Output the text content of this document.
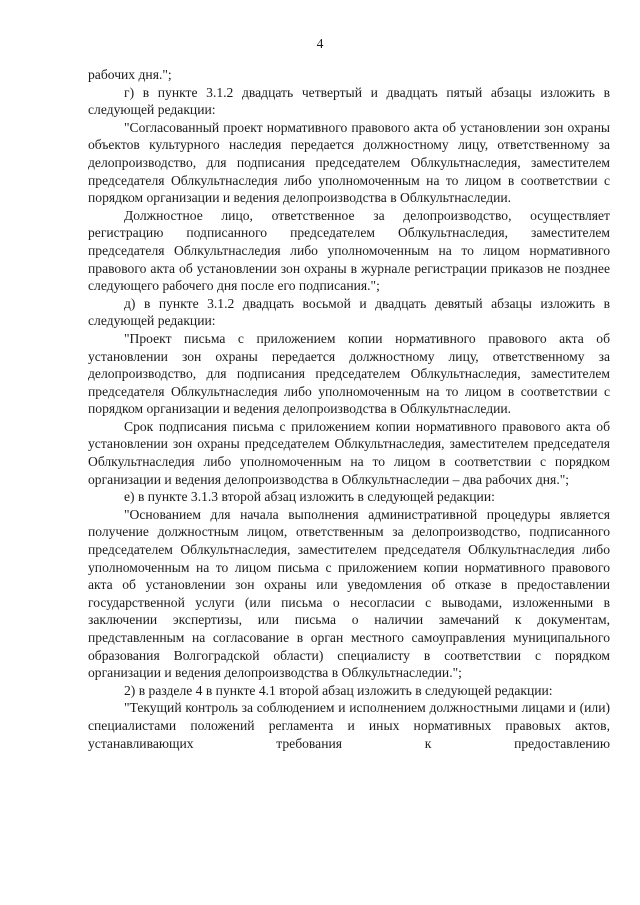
4

рабочих дня.";

г) в пункте 3.1.2 двадцать четвертый и двадцать пятый абзацы изложить в следующей редакции:

"Согласованный проект нормативного правового акта об установлении зон охраны объектов культурного наследия передается должностному лицу, ответственному за делопроизводство, для подписания председателем Облкультнаследия, заместителем председателя Облкультнаследия либо уполномоченным на то лицом в соответствии с порядком организации и ведения делопроизводства в Облкультнаследии.

Должностное лицо, ответственное за делопроизводство, осуществляет регистрацию подписанного председателем Облкультнаследия, заместителем председателя Облкультнаследия либо уполномоченным на то лицом нормативного правового акта об установлении зон охраны в журнале регистрации приказов не позднее следующего рабочего дня после его подписания.";

д) в пункте 3.1.2 двадцать восьмой и двадцать девятый абзацы изложить в следующей редакции:

"Проект письма с приложением копии нормативного правового акта об установлении зон охраны передается должностному лицу, ответственному за делопроизводство, для подписания председателем Облкультнаследия, заместителем председателя Облкультнаследия либо уполномоченным на то лицом в соответствии с порядком организации и ведения делопроизводства в Облкультнаследии.

Срок подписания письма с приложением копии нормативного правового акта об установлении зон охраны председателем Облкультнаследия, заместителем председателя Облкультнаследия либо уполномоченным на то лицом в соответствии с порядком организации и ведения делопроизводства в Облкультнаследии – два рабочих дня.";

е) в пункте 3.1.3 второй абзац изложить в следующей редакции:

"Основанием для начала выполнения административной процедуры является получение должностным лицом, ответственным за делопроизводство, подписанного председателем Облкультнаследия, заместителем председателя Облкультнаследия либо уполномоченным на то лицом письма с приложением копии нормативного правового акта об установлении зон охраны или уведомления об отказе в предоставлении государственной услуги (или письма о несогласии с выводами, изложенными в заключении экспертизы, или письма о наличии замечаний к документам, представленным на согласование в орган местного самоуправления муниципального образования Волгоградской области) специалисту в соответствии с порядком организации и ведения делопроизводства в Облкультнаследии.";

2) в разделе 4 в пункте 4.1 второй абзац изложить в следующей редакции:

"Текущий контроль за соблюдением и исполнением должностными лицами и (или) специалистами положений регламента и иных нормативных правовых актов, устанавливающих требования к предоставлению
